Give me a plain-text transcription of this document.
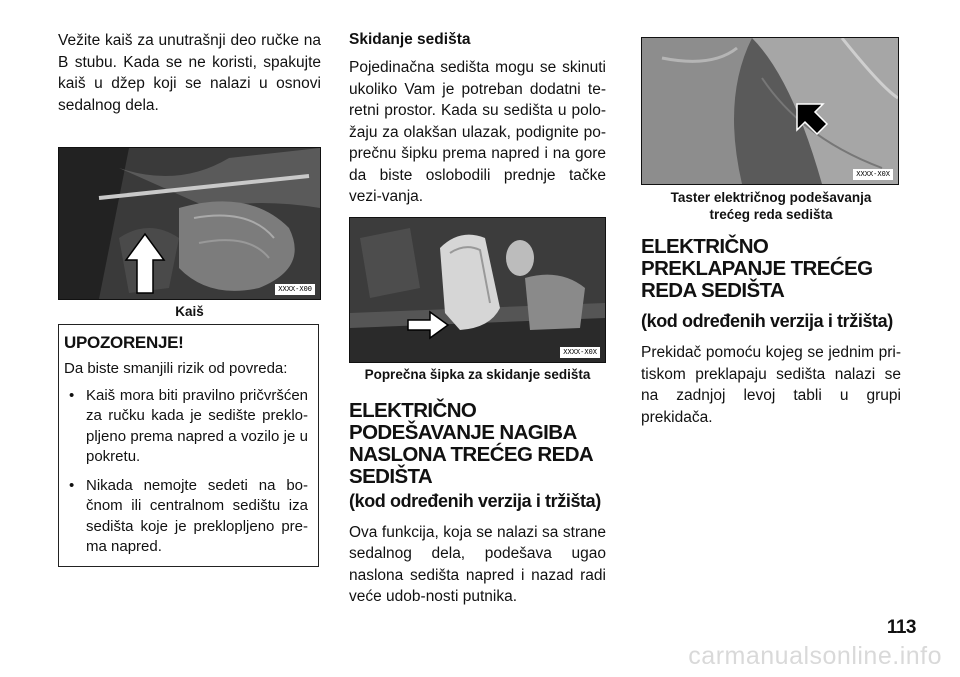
Vežite kaiš za unutrašnji deo ručke na B stubu. Kada se ne koristi, spakujte kaiš u džep koji se nalazi u osnovi sedalnog dela.

XXXX-X00

Kaiš

UPOZORENJE!

Da biste smanjili rizik od povreda:

• Kaiš mora biti pravilno pričvršćen za ručku kada je sedište preklo-pljeno prema napred a vozilo je u pokretu.
• Nikada nemojte sedeti na bo-čnom ili centralnom sedištu iza sedišta koje je preklopljeno pre-ma napred.

Skidanje sedišta

Pojedinačna sedišta mogu se skinuti ukoliko Vam je potreban dodatni te-retni prostor. Kada su sedišta u polo-žaju za olakšan ulazak, podignite po-prečnu šipku prema napred i na gore da biste oslobodili prednje tačke vezi-vanja.

XXXX-X0X

Poprečna šipka za skidanje sedišta

ELEKTRIČNO

PODEŠAVANJE NAGIBA

NASLONA TREĆEG REDA

SEDIŠTA

(kod određenih verzija i tržišta)

Ova funkcija, koja se nalazi sa strane sedalnog dela, podešava ugao naslona sedišta napred i nazad radi veće udob-nosti putnika.

XXXX-X0X

Taster električnog podešavanja

trećeg reda sedišta

ELEKTRIČNO

PREKLAPANJE TREĆEG

REDA SEDIŠTA

(kod određenih verzija i tržišta)

Prekidač pomoću kojeg se jednim pri-tiskom preklapaju sedišta nalazi se na zadnjoj levoj tabli u grupi prekidača.

113
carmanualsonline.info
